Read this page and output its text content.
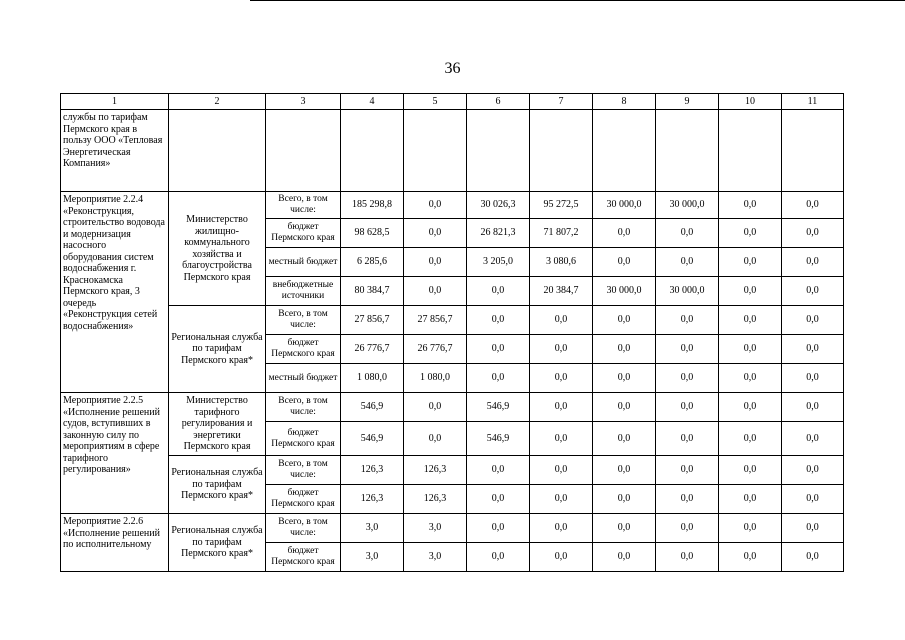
36
1	2	3	4	5	6	7	8	9	10	11
службы по тарифам Пермского края в пользу ООО «Тепловая Энергетическая Компания»										
Мероприятие 2.2.4 «Реконструкция, строительство водовода и модернизация насосного оборудования систем водоснабжения г. Краснокамска Пермского края, 3 очередь «Реконструкция сетей водоснабжения»	Министерство жилищно-коммунального хозяйства и благоустройства Пермского края	Всего, в том числе:	185 298,8	0,0	30 026,3	95 272,5	30 000,0	30 000,0	0,0	0,0
		бюджет Пермского края	98 628,5	0,0	26 821,3	71 807,2	0,0	0,0	0,0	0,0
		местный бюджет	6 285,6	0,0	3 205,0	3 080,6	0,0	0,0	0,0	0,0
		внебюджетные источники	80 384,7	0,0	0,0	20 384,7	30 000,0	30 000,0	0,0	0,0
	Региональная служба по тарифам Пермского края*	Всего, в том числе:	27 856,7	27 856,7	0,0	0,0	0,0	0,0	0,0	0,0
		бюджет Пермского края	26 776,7	26 776,7	0,0	0,0	0,0	0,0	0,0	0,0
		местный бюджет	1 080,0	1 080,0	0,0	0,0	0,0	0,0	0,0	0,0
Мероприятие 2.2.5 «Исполнение решений судов, вступивших в законную силу по мероприятиям в сфере тарифного регулирования»	Министерство тарифного регулирования и энергетики Пермского края	Всего, в том числе:	546,9	0,0	546,9	0,0	0,0	0,0	0,0	0,0
		бюджет Пермского края	546,9	0,0	546,9	0,0	0,0	0,0	0,0	0,0
	Региональная служба по тарифам Пермского края*	Всего, в том числе:	126,3	126,3	0,0	0,0	0,0	0,0	0,0	0,0
		бюджет Пермского края	126,3	126,3	0,0	0,0	0,0	0,0	0,0	0,0
Мероприятие 2.2.6 «Исполнение решений по исполнительному	Региональная служба по тарифам Пермского края*	Всего, в том числе:	3,0	3,0	0,0	0,0	0,0	0,0	0,0	0,0
		бюджет Пермского края	3,0	3,0	0,0	0,0	0,0	0,0	0,0	0,0
